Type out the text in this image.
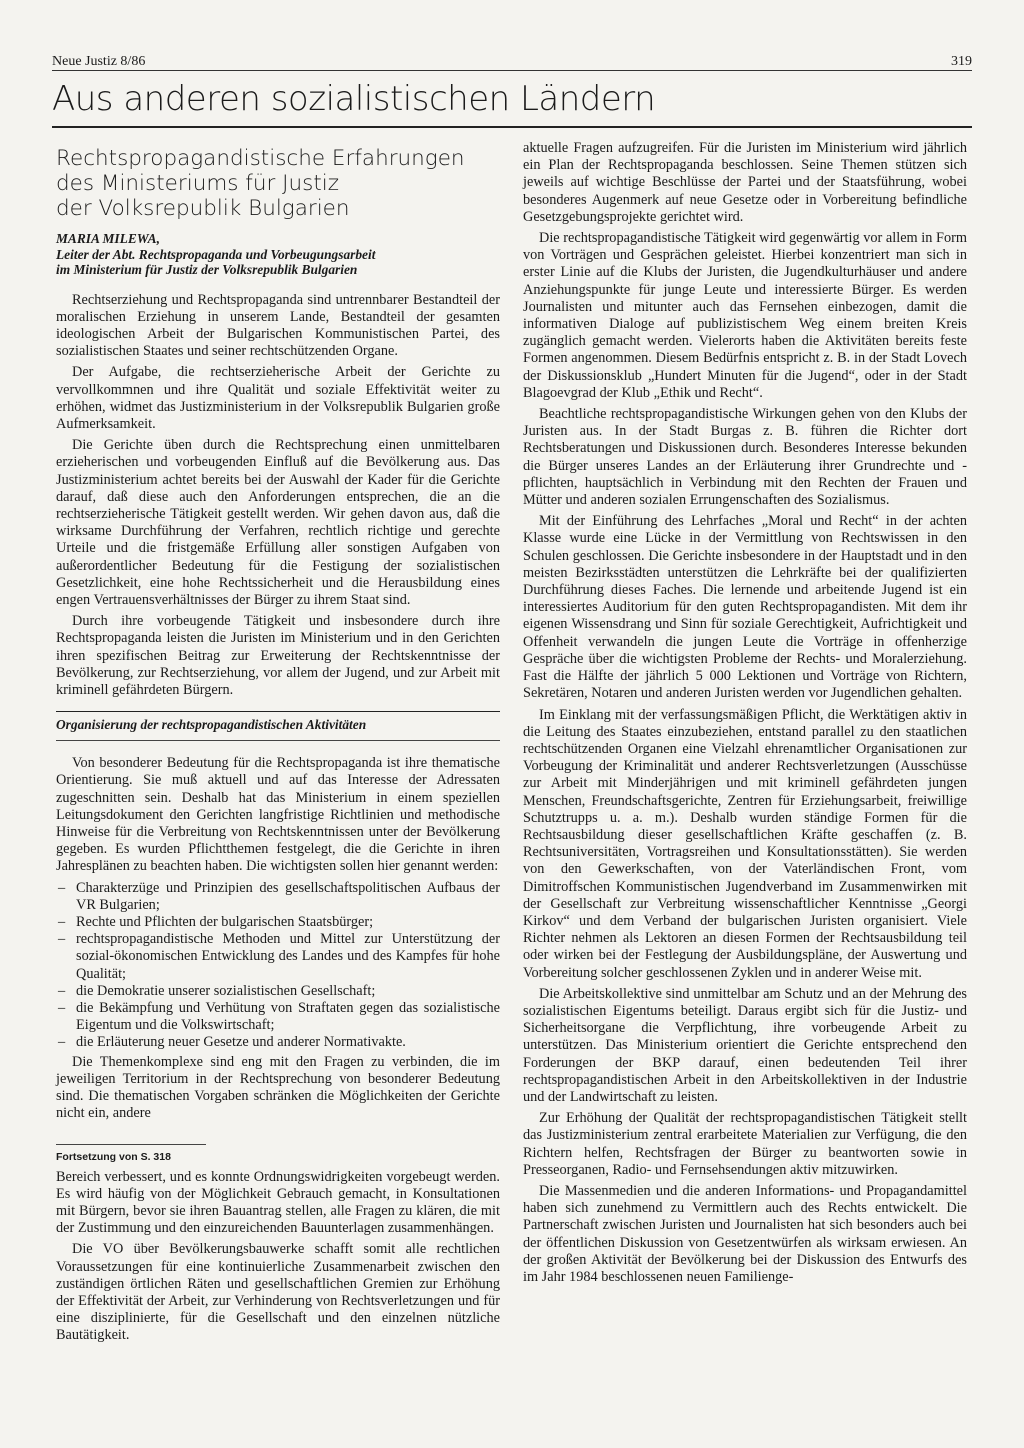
Neue Justiz 8/86	319
Aus anderen sozialistischen Ländern
Rechtspropagandistische Erfahrungen
des Ministeriums für Justiz
der Volksrepublik Bulgarien
MARIA MILEWA,
Leiter der Abt. Rechtspropaganda und Vorbeugungsarbeit
im Ministerium für Justiz der Volksrepublik Bulgarien

Rechtserziehung und Rechtspropaganda sind untrennbarer Bestandteil der moralischen Erziehung in unserem Lande, Bestandteil der gesamten ideologischen Arbeit der Bulgarischen Kommunistischen Partei, des sozialistischen Staates und seiner rechtschützenden Organe.

Der Aufgabe, die rechtserzieherische Arbeit der Gerichte zu vervollkommnen und ihre Qualität und soziale Effektivität weiter zu erhöhen, widmet das Justizministerium in der Volksrepublik Bulgarien große Aufmerksamkeit.

Die Gerichte üben durch die Rechtsprechung einen unmittelbaren erzieherischen und vorbeugenden Einfluß auf die Bevölkerung aus. Das Justizministerium achtet bereits bei der Auswahl der Kader für die Gerichte darauf, daß diese auch den Anforderungen entsprechen, die an die rechtserzieherische Tätigkeit gestellt werden. Wir gehen davon aus, daß die wirksame Durchführung der Verfahren, rechtlich richtige und gerechte Urteile und die fristgemäße Erfüllung aller sonstigen Aufgaben von außerordentlicher Bedeutung für die Festigung der sozialistischen Gesetzlichkeit, eine hohe Rechtssicherheit und die Herausbildung eines engen Vertrauensverhältnisses der Bürger zu ihrem Staat sind.

Durch ihre vorbeugende Tätigkeit und insbesondere durch ihre Rechtspropaganda leisten die Juristen im Ministerium und in den Gerichten ihren spezifischen Beitrag zur Erweiterung der Rechtskenntnisse der Bevölkerung, zur Rechtserziehung, vor allem der Jugend, und zur Arbeit mit kriminell gefährdeten Bürgern.

Organisierung der rechtspropagandistischen Aktivitäten

Von besonderer Bedeutung für die Rechtspropaganda ist ihre thematische Orientierung. Sie muß aktuell und auf das Interesse der Adressaten zugeschnitten sein. Deshalb hat das Ministerium in einem speziellen Leitungsdokument den Gerichten langfristige Richtlinien und methodische Hinweise für die Verbreitung von Rechtskenntnissen unter der Bevölkerung gegeben. Es wurden Pflichtthemen festgelegt, die die Gerichte in ihren Jahresplänen zu beachten haben. Die wichtigsten sollen hier genannt werden:

– Charakterzüge und Prinzipien des gesellschaftspolitischen Aufbaus der VR Bulgarien;
– Rechte und Pflichten der bulgarischen Staatsbürger;
– rechtspropagandistische Methoden und Mittel zur Unterstützung der sozial-ökonomischen Entwicklung des Landes und des Kampfes für hohe Qualität;
– die Demokratie unserer sozialistischen Gesellschaft;
– die Bekämpfung und Verhütung von Straftaten gegen das sozialistische Eigentum und die Volkswirtschaft;
– die Erläuterung neuer Gesetze und anderer Normativakte.

Die Themenkomplexe sind eng mit den Fragen zu verbinden, die im jeweiligen Territorium in der Rechtsprechung von besonderer Bedeutung sind. Die thematischen Vorgaben schränken die Möglichkeiten der Gerichte nicht ein, andere

Fortsetzung von S. 318

Bereich verbessert, und es konnte Ordnungswidrigkeiten vorgebeugt werden. Es wird häufig von der Möglichkeit Gebrauch gemacht, in Konsultationen mit Bürgern, bevor sie ihren Bauantrag stellen, alle Fragen zu klären, die mit der Zustimmung und den einzureichenden Bauunterlagen zusammenhängen.

Die VO über Bevölkerungsbauwerke schafft somit alle rechtlichen Voraussetzungen für eine kontinuierliche Zusammenarbeit zwischen den zuständigen örtlichen Räten und gesellschaftlichen Gremien zur Erhöhung der Effektivität der Arbeit, zur Verhinderung von Rechtsverletzungen und für eine disziplinierte, für die Gesellschaft und den einzelnen nützliche Bautätigkeit.

aktuelle Fragen aufzugreifen. Für die Juristen im Ministerium wird jährlich ein Plan der Rechtspropaganda beschlossen. Seine Themen stützen sich jeweils auf wichtige Beschlüsse der Partei und der Staatsführung, wobei besonderes Augenmerk auf neue Gesetze oder in Vorbereitung befindliche Gesetzgebungsprojekte gerichtet wird.

Die rechtspropagandistische Tätigkeit wird gegenwärtig vor allem in Form von Vorträgen und Gesprächen geleistet. Hierbei konzentriert man sich in erster Linie auf die Klubs der Juristen, die Jugendkulturhäuser und andere Anziehungspunkte für junge Leute und interessierte Bürger. Es werden Journalisten und mitunter auch das Fernsehen einbezogen, damit die informativen Dialoge auf publizistischem Weg einem breiten Kreis zugänglich gemacht werden. Vielerorts haben die Aktivitäten bereits feste Formen angenommen. Diesem Bedürfnis entspricht z. B. in der Stadt Lovech der Diskussionsklub „Hundert Minuten für die Jugend“, oder in der Stadt Blagoevgrad der Klub „Ethik und Recht“.

Beachtliche rechtspropagandistische Wirkungen gehen von den Klubs der Juristen aus. In der Stadt Burgas z. B. führen die Richter dort Rechtsberatungen und Diskussionen durch. Besonderes Interesse bekunden die Bürger unseres Landes an der Erläuterung ihrer Grundrechte und -pflichten, hauptsächlich in Verbindung mit den Rechten der Frauen und Mütter und anderen sozialen Errungenschaften des Sozialismus.

Mit der Einführung des Lehrfaches „Moral und Recht“ in der achten Klasse wurde eine Lücke in der Vermittlung von Rechtswissen in den Schulen geschlossen. Die Gerichte insbesondere in der Hauptstadt und in den meisten Bezirksstädten unterstützen die Lehrkräfte bei der qualifizierten Durchführung dieses Faches. Die lernende und arbeitende Jugend ist ein interessiertes Auditorium für den guten Rechtspropagandisten. Mit dem ihr eigenen Wissensdrang und Sinn für soziale Gerechtigkeit, Aufrichtigkeit und Offenheit verwandeln die jungen Leute die Vorträge in offenherzige Gespräche über die wichtigsten Probleme der Rechts- und Moralerziehung. Fast die Hälfte der jährlich 5 000 Lektionen und Vorträge von Richtern, Sekretären, Notaren und anderen Juristen werden vor Jugendlichen gehalten.

Im Einklang mit der verfassungsmäßigen Pflicht, die Werktätigen aktiv in die Leitung des Staates einzubeziehen, entstand parallel zu den staatlichen rechtschützenden Organen eine Vielzahl ehrenamtlicher Organisationen zur Vorbeugung der Kriminalität und anderer Rechtsverletzungen (Ausschüsse zur Arbeit mit Minderjährigen und mit kriminell gefährdeten jungen Menschen, Freundschaftsgerichte, Zentren für Erziehungsarbeit, freiwillige Schutztrupps u. a. m.). Deshalb wurden ständige Formen für die Rechtsausbildung dieser gesellschaftlichen Kräfte geschaffen (z. B. Rechtsuniversitäten, Vortragsreihen und Konsultationsstätten). Sie werden von den Gewerkschaften, von der Vaterländischen Front, vom Dimitroffschen Kommunistischen Jugendverband im Zusammenwirken mit der Gesellschaft zur Verbreitung wissenschaftlicher Kenntnisse „Georgi Kirkov“ und dem Verband der bulgarischen Juristen organisiert. Viele Richter nehmen als Lektoren an diesen Formen der Rechtsausbildung teil oder wirken bei der Festlegung der Ausbildungspläne, der Auswertung und Vorbereitung solcher geschlossenen Zyklen und in anderer Weise mit.

Die Arbeitskollektive sind unmittelbar am Schutz und an der Mehrung des sozialistischen Eigentums beteiligt. Daraus ergibt sich für die Justiz- und Sicherheitsorgane die Verpflichtung, ihre vorbeugende Arbeit zu unterstützen. Das Ministerium orientiert die Gerichte entsprechend den Forderungen der BKP darauf, einen bedeutenden Teil ihrer rechtspropagandistischen Arbeit in den Arbeitskollektiven in der Industrie und der Landwirtschaft zu leisten.

Zur Erhöhung der Qualität der rechtspropagandistischen Tätigkeit stellt das Justizministerium zentral erarbeitete Materialien zur Verfügung, die den Richtern helfen, Rechtsfragen der Bürger zu beantworten sowie in Presseorganen, Radio- und Fernsehsendungen aktiv mitzuwirken.

Die Massenmedien und die anderen Informations- und Propagandamittel haben sich zunehmend zu Vermittlern auch des Rechts entwickelt. Die Partnerschaft zwischen Juristen und Journalisten hat sich besonders auch bei der öffentlichen Diskussion von Gesetzentwürfen als wirksam erwiesen. An der großen Aktivität der Bevölkerung bei der Diskussion des Entwurfs des im Jahr 1984 beschlossenen neuen Familienge-
